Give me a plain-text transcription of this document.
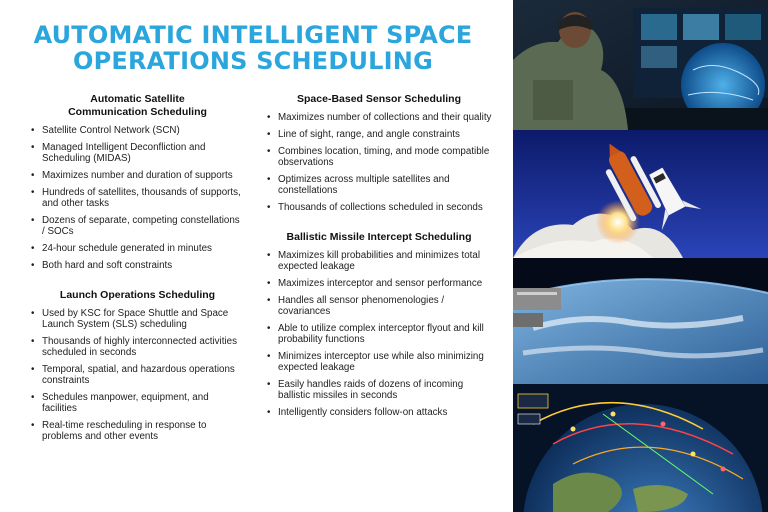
AUTOMATIC INTELLIGENT SPACE
OPERATIONS SCHEDULING

Automatic Satellite
Communication Scheduling

• Satellite Control Network (SCN)
• Managed Intelligent Deconfliction and Scheduling (MIDAS)
• Maximizes number and duration of supports
• Hundreds of satellites, thousands of supports, and other tasks
• Dozens of separate, competing constellations / SOCs
• 24-hour schedule generated in minutes
• Both hard and soft constraints

Launch Operations Scheduling

• Used by KSC for Space Shuttle and Space Launch System (SLS) scheduling
• Thousands of highly interconnected activities scheduled in seconds
• Temporal, spatial, and hazardous operations constraints
• Schedules manpower, equipment, and facilities
• Real-time rescheduling in response to problems and other events

Space-Based Sensor Scheduling

• Maximizes number of collections and their quality
• Line of sight, range, and angle constraints
• Combines location, timing, and mode compatible observations
• Optimizes across multiple satellites and constellations
• Thousands of collections scheduled in seconds

Ballistic Missile Intercept Scheduling

• Maximizes kill probabilities and minimizes total expected leakage
• Maximizes interceptor and sensor performance
• Handles all sensor phenomenologies / covariances
• Able to utilize complex interceptor flyout and kill probability functions
• Minimizes interceptor use while also minimizing expected leakage
• Easily handles raids of dozens of incoming ballistic missiles in seconds
• Intelligently considers follow-on attacks
